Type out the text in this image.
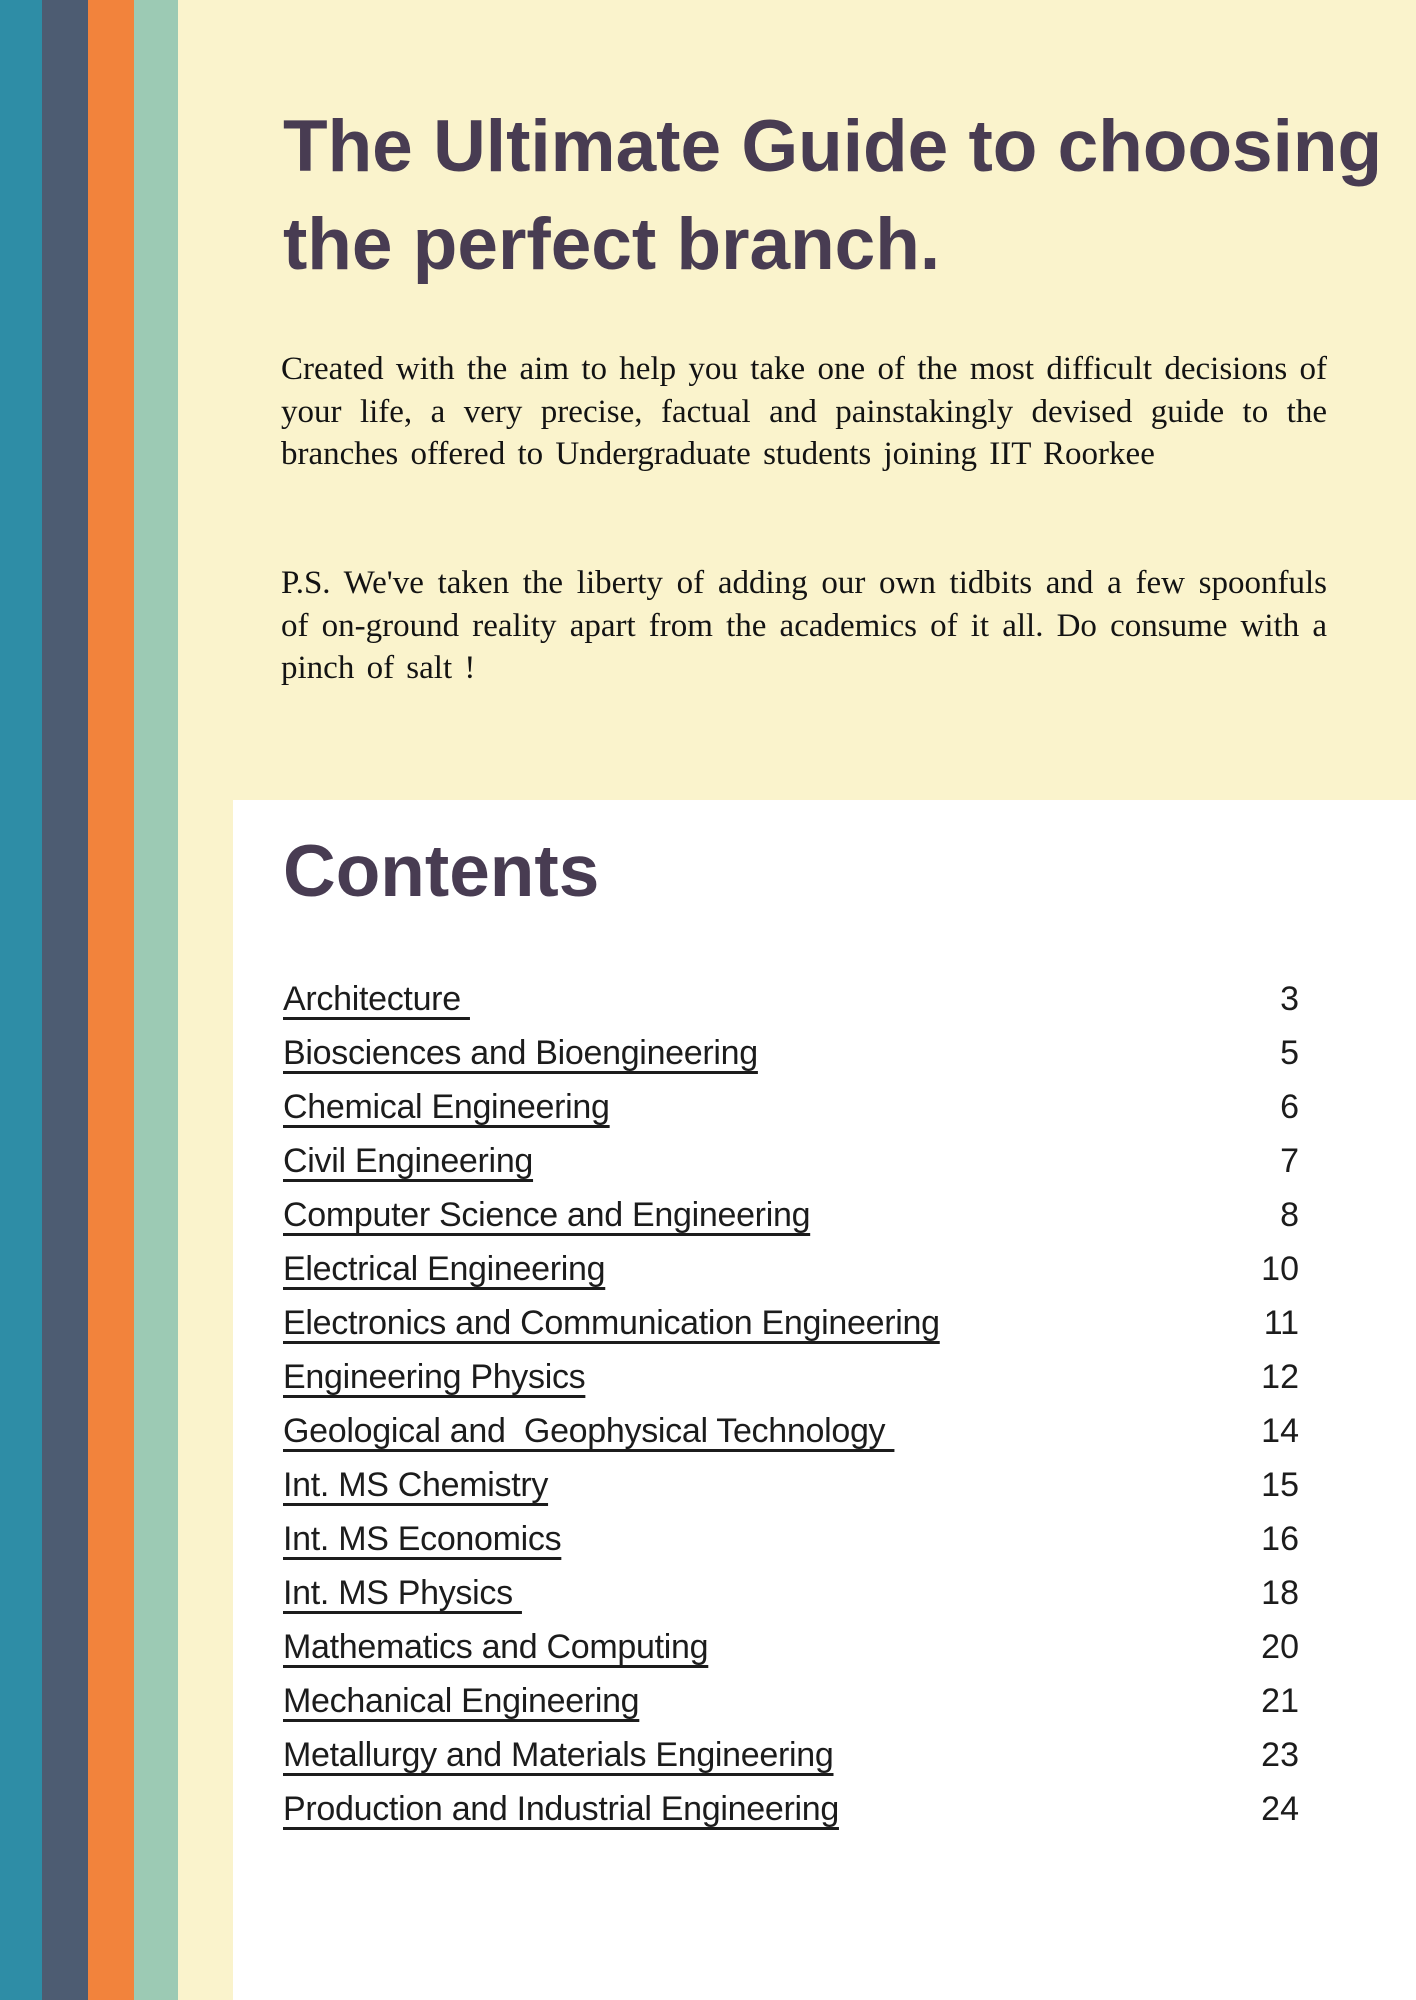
The Ultimate Guide to choosing the perfect branch.

Created with the aim to help you take one of the most difficult decisions of your life, a very precise, factual and painstakingly devised guide to the branches offered to Undergraduate students joining IIT Roorkee

P.S. We've taken the liberty of adding our own tidbits and a few spoonfuls of on-ground reality apart from the academics of it all. Do consume with a pinch of salt !

Contents
Architecture	3
Biosciences and Bioengineering	5
Chemical Engineering	6
Civil Engineering	7
Computer Science and Engineering	8
Electrical Engineering	10
Electronics and Communication Engineering	11
Engineering Physics	12
Geological and  Geophysical Technology	14
Int. MS Chemistry	15
Int. MS Economics	16
Int. MS Physics	18
Mathematics and Computing	20
Mechanical Engineering	21
Metallurgy and Materials Engineering	23
Production and Industrial Engineering	24
